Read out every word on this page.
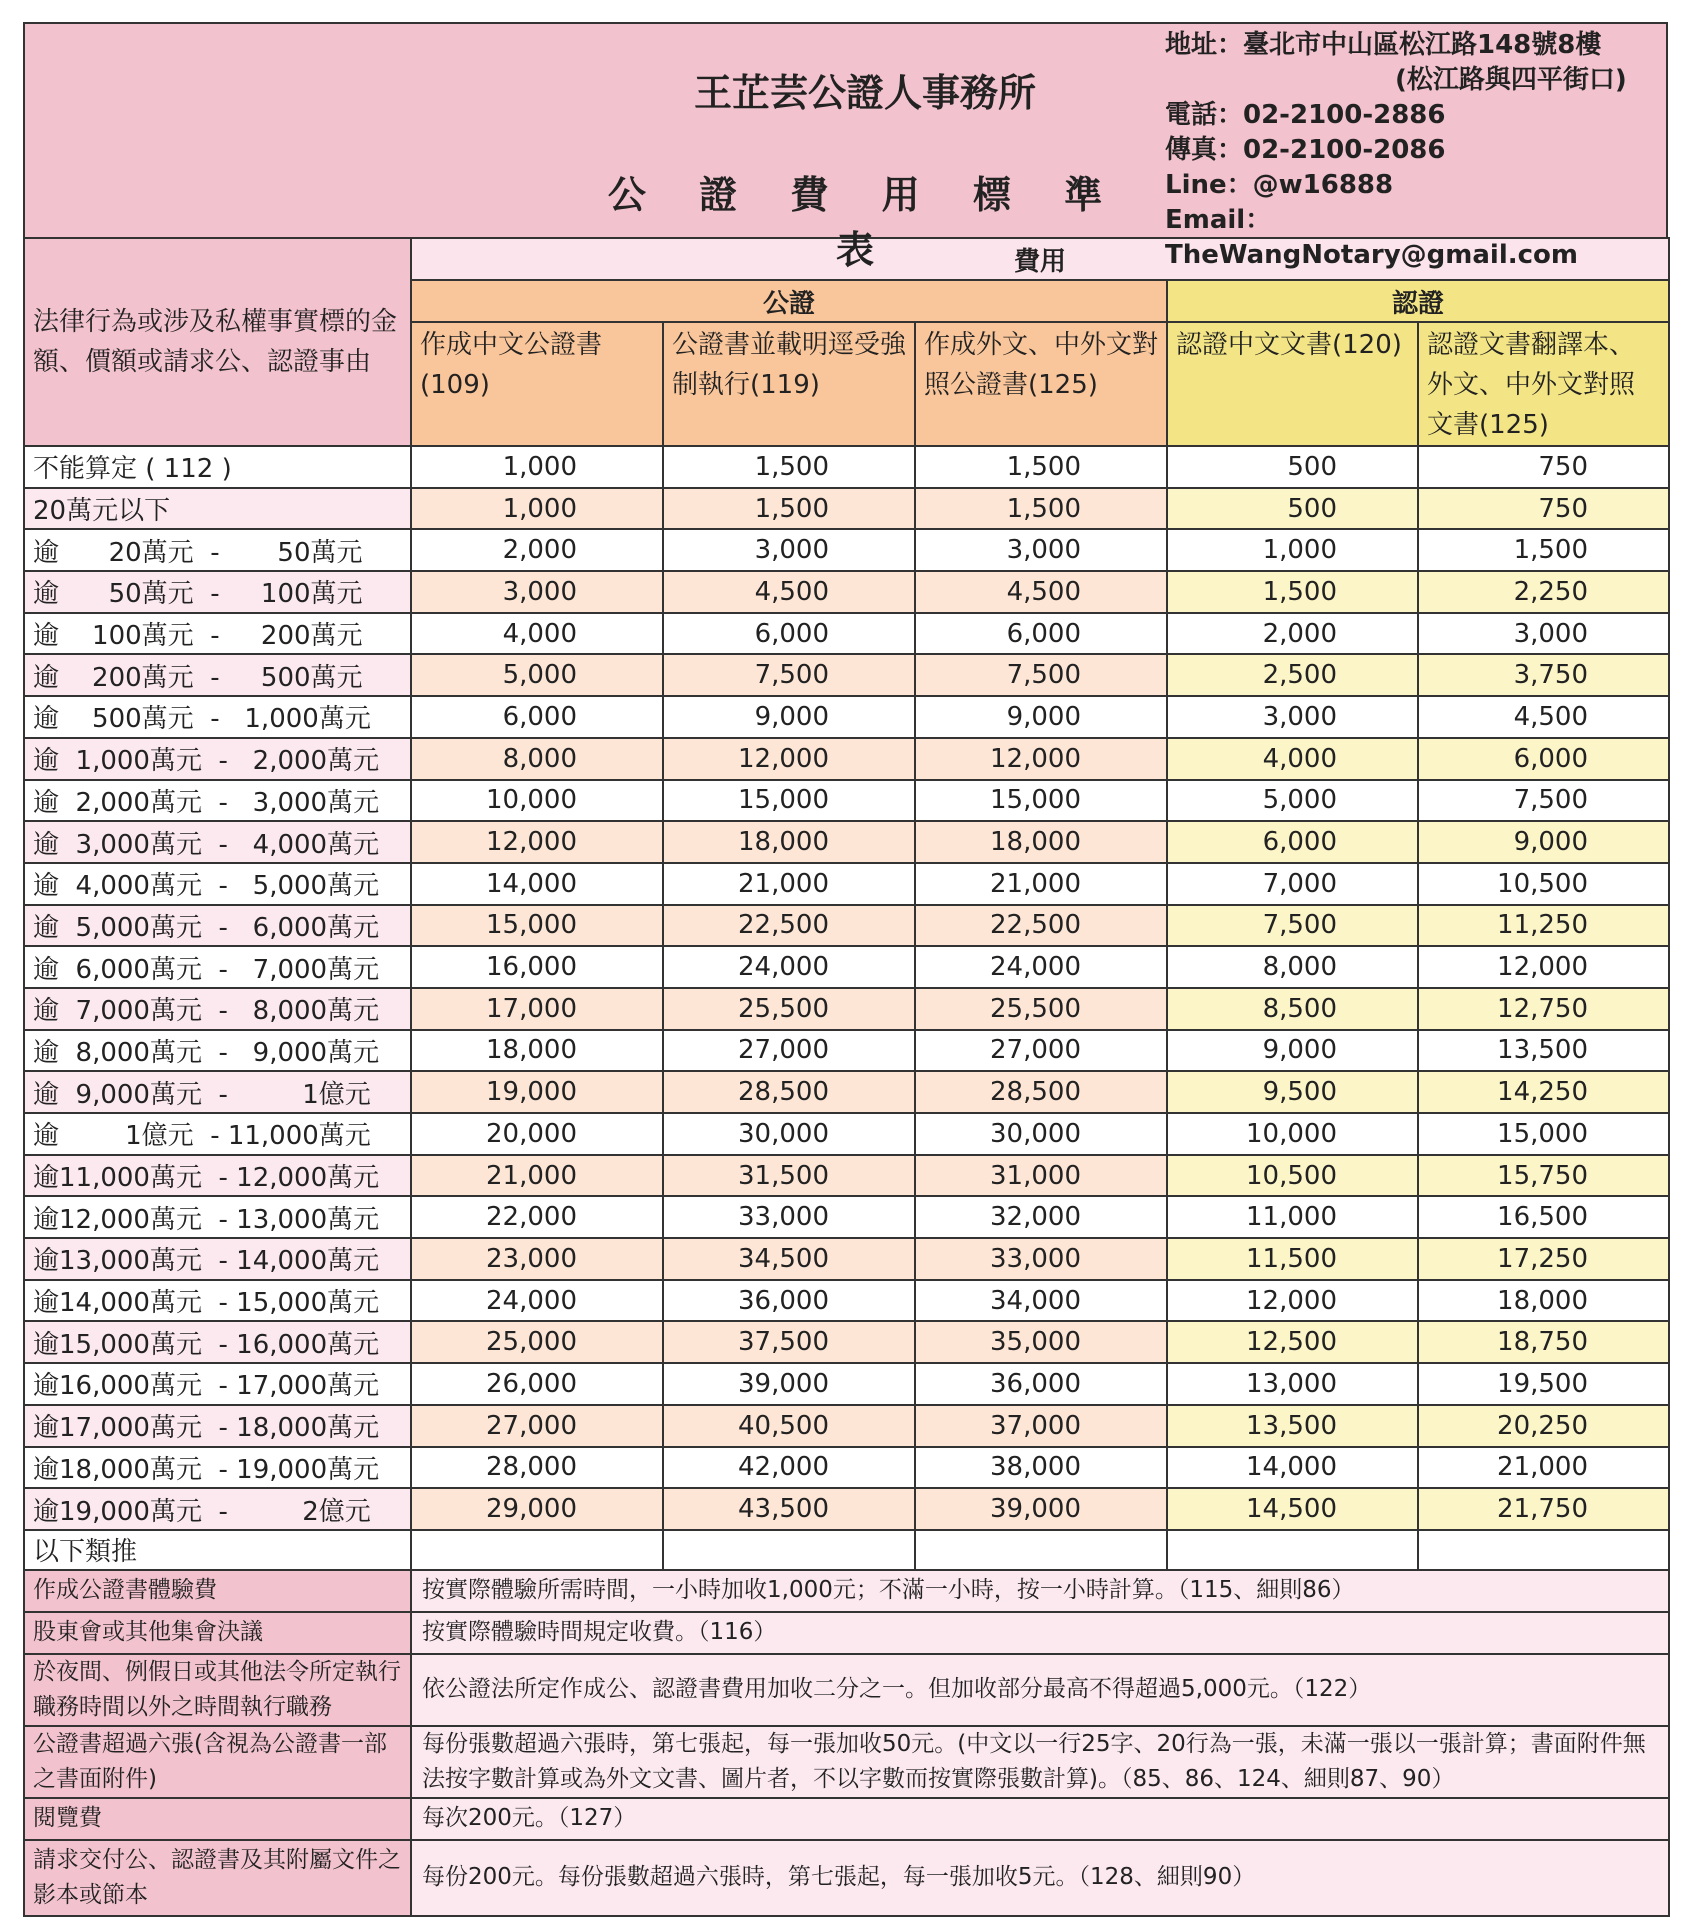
王芷芸公證人事務所
公 證 費 用 標 準 表
地址：臺北市中山區松江路148號8樓
(松江路與四平街口)
電話：02-2100-2886
傳真：02-2100-2086
Line：@w16888
Email：TheWangNotary@gmail.com
法律行為或涉及私權事實標的金額、價額或請求公、認證事由	費用				
	公證			認證	
	作成中文公證書(109)	公證書並載明逕受強制執行(119)	作成外文、中外文對照公證書(125)	認證中文文書(120)	認證文書翻譯本、外文、中外文對照文書(125)
不能算定 ( 112 )	1,000	1,500	1,500	500	750
20萬元以下	1,000	1,500	1,500	500	750
逾      20萬元  -       50萬元	2,000	3,000	3,000	1,000	1,500
逾      50萬元  -     100萬元	3,000	4,500	4,500	1,500	2,250
逾    100萬元  -     200萬元	4,000	6,000	6,000	2,000	3,000
逾    200萬元  -     500萬元	5,000	7,500	7,500	2,500	3,750
逾    500萬元  -   1,000萬元	6,000	9,000	9,000	3,000	4,500
逾  1,000萬元  -   2,000萬元	8,000	12,000	12,000	4,000	6,000
逾  2,000萬元  -   3,000萬元	10,000	15,000	15,000	5,000	7,500
逾  3,000萬元  -   4,000萬元	12,000	18,000	18,000	6,000	9,000
逾  4,000萬元  -   5,000萬元	14,000	21,000	21,000	7,000	10,500
逾  5,000萬元  -   6,000萬元	15,000	22,500	22,500	7,500	11,250
逾  6,000萬元  -   7,000萬元	16,000	24,000	24,000	8,000	12,000
逾  7,000萬元  -   8,000萬元	17,000	25,500	25,500	8,500	12,750
逾  8,000萬元  -   9,000萬元	18,000	27,000	27,000	9,000	13,500
逾  9,000萬元  -         1億元	19,000	28,500	28,500	9,500	14,250
逾        1億元  - 11,000萬元	20,000	30,000	30,000	10,000	15,000
逾11,000萬元  - 12,000萬元	21,000	31,500	31,000	10,500	15,750
逾12,000萬元  - 13,000萬元	22,000	33,000	32,000	11,000	16,500
逾13,000萬元  - 14,000萬元	23,000	34,500	33,000	11,500	17,250
逾14,000萬元  - 15,000萬元	24,000	36,000	34,000	12,000	18,000
逾15,000萬元  - 16,000萬元	25,000	37,500	35,000	12,500	18,750
逾16,000萬元  - 17,000萬元	26,000	39,000	36,000	13,000	19,500
逾17,000萬元  - 18,000萬元	27,000	40,500	37,000	13,500	20,250
逾18,000萬元  - 19,000萬元	28,000	42,000	38,000	14,000	21,000
逾19,000萬元  -         2億元	29,000	43,500	39,000	14,500	21,750
以下類推					
作成公證書體驗費	按實際體驗所需時間，一小時加收1,000元；不滿一小時，按一小時計算。（115、細則86）				
股東會或其他集會決議	按實際體驗時間規定收費。（116）				
於夜間、例假日或其他法令所定執行職務時間以外之時間執行職務	依公證法所定作成公、認證書費用加收二分之一。但加收部分最高不得超過5,000元。（122）				
公證書超過六張(含視為公證書一部之書面附件)	每份張數超過六張時，第七張起，每一張加收50元。(中文以一行25字、20行為一張，未滿一張以一張計算；書面附件無法按字數計算或為外文文書、圖片者，不以字數而按實際張數計算)。（85、86、124、細則87、90）				
閱覽費	每次200元。（127）				
請求交付公、認證書及其附屬文件之影本或節本	每份200元。每份張數超過六張時，第七張起，每一張加收5元。（128、細則90）				
